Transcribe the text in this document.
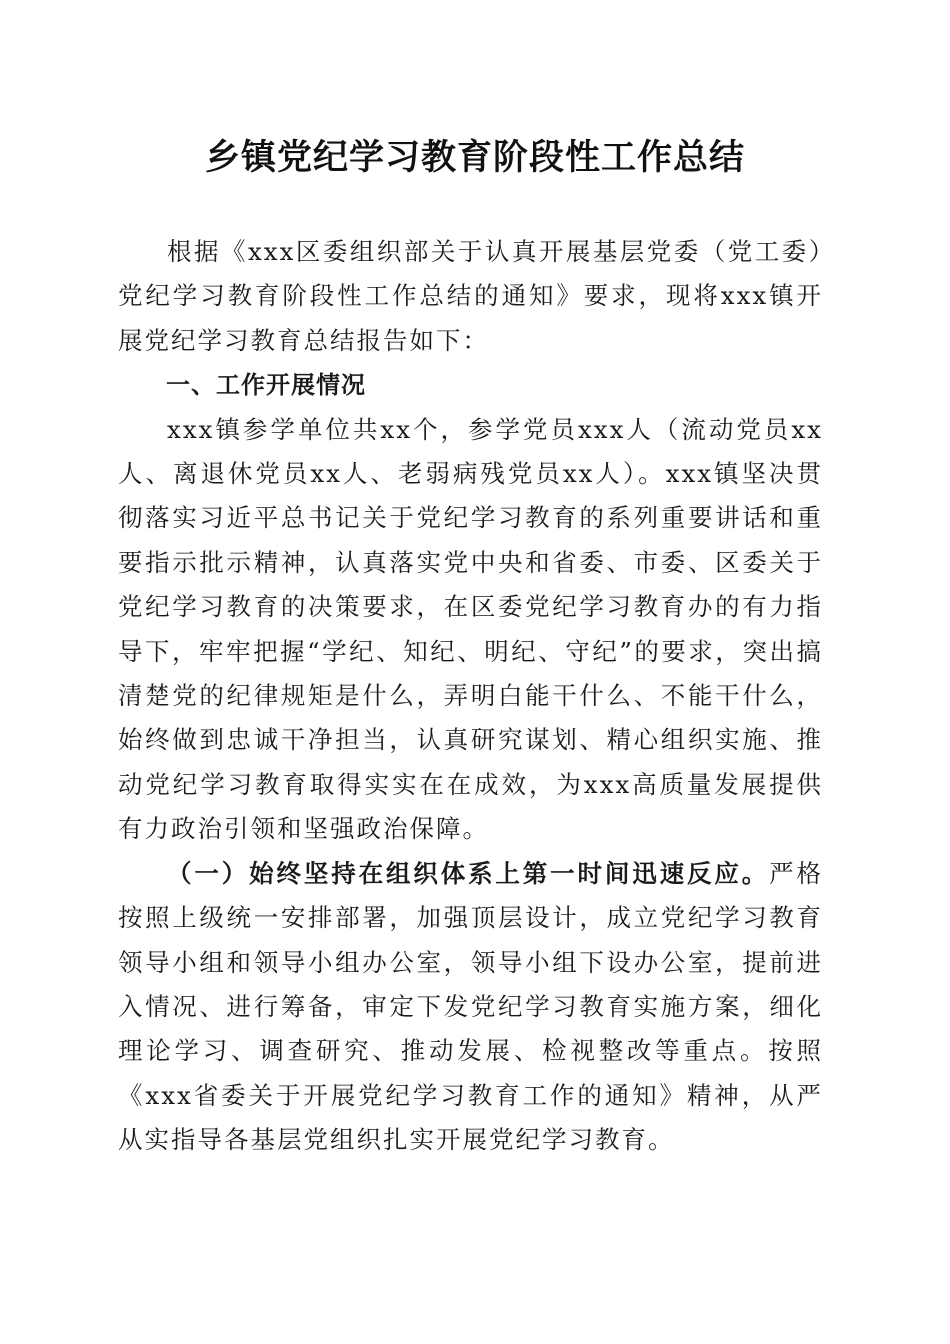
乡镇党纪学习教育阶段性工作总结

根据《xxx区委组织部关于认真开展基层党委（党工委）党纪学习教育阶段性工作总结的通知》要求，现将xxx镇开展党纪学习教育总结报告如下：

一、工作开展情况

xxx镇参学单位共xx个，参学党员xxx人（流动党员xx人、离退休党员xx人、老弱病残党员xx人）。xxx镇坚决贯彻落实习近平总书记关于党纪学习教育的系列重要讲话和重要指示批示精神，认真落实党中央和省委、市委、区委关于党纪学习教育的决策要求，在区委党纪学习教育办的有力指导下，牢牢把握“学纪、知纪、明纪、守纪”的要求，突出搞清楚党的纪律规矩是什么，弄明白能干什么、不能干什么，始终做到忠诚干净担当，认真研究谋划、精心组织实施、推动党纪学习教育取得实实在在成效，为xxx高质量发展提供有力政治引领和坚强政治保障。

（一）始终坚持在组织体系上第一时间迅速反应。严格按照上级统一安排部署，加强顶层设计，成立党纪学习教育领导小组和领导小组办公室，领导小组下设办公室，提前进入情况、进行筹备，审定下发党纪学习教育实施方案，细化理论学习、调查研究、推动发展、检视整改等重点。按照《xxx省委关于开展党纪学习教育工作的通知》精神，从严从实指导各基层党组织扎实开展党纪学习教育。
